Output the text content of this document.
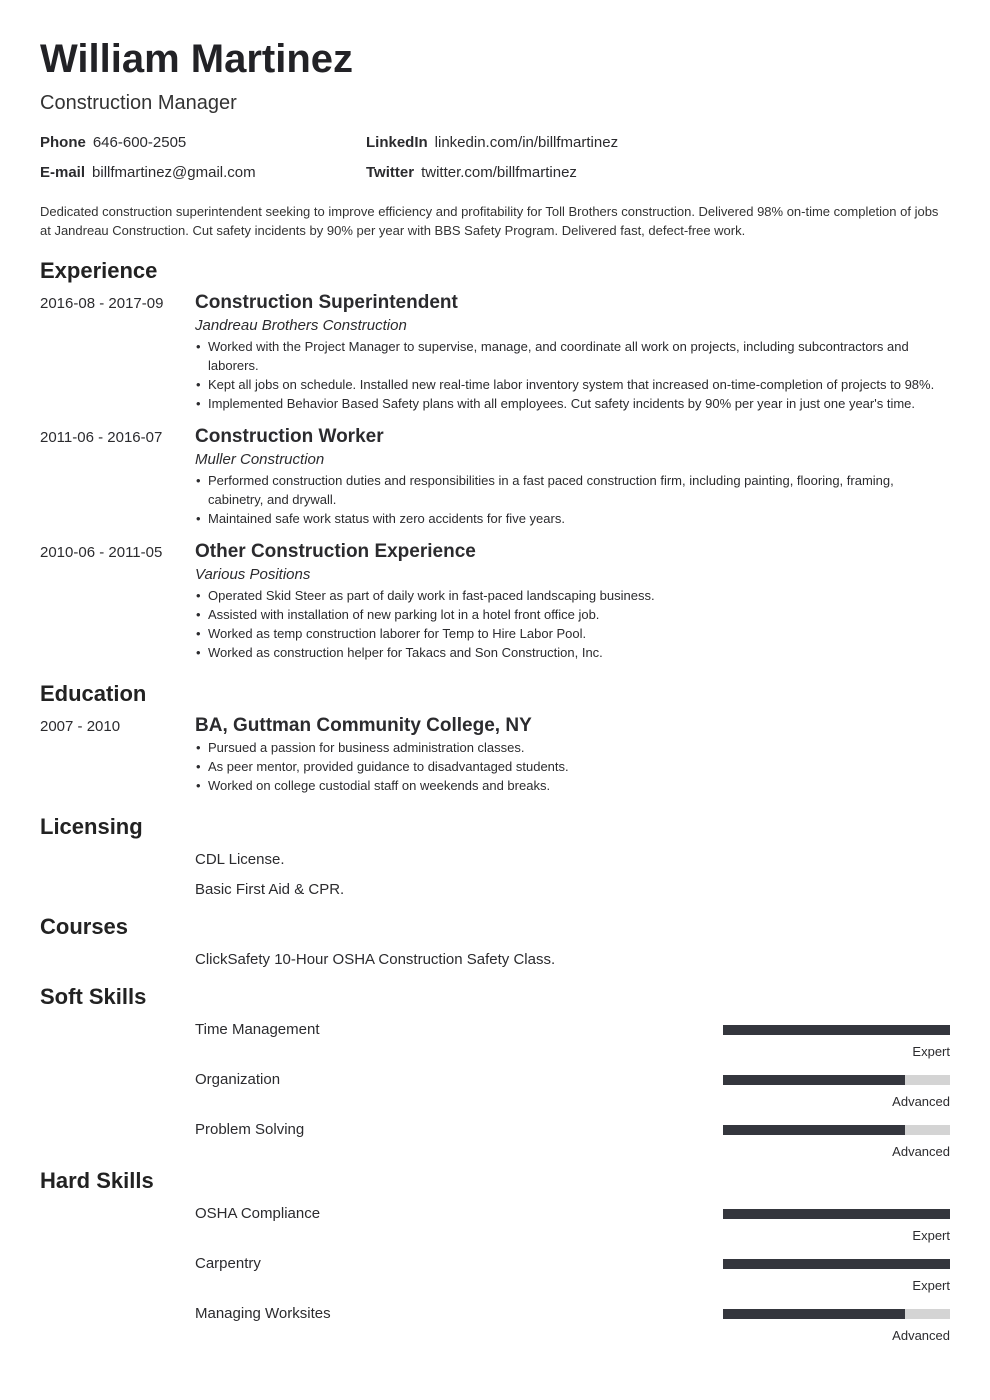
William Martinez
Construction Manager
Phone 646-600-2505	LinkedIn linkedin.com/in/billfmartinez
E-mail billfmartinez@gmail.com	Twitter twitter.com/billfmartinez

Dedicated construction superintendent seeking to improve efficiency and profitability for Toll Brothers construction. Delivered 98% on-time completion of jobs at Jandreau Construction. Cut safety incidents by 90% per year with BBS Safety Program. Delivered fast, defect-free work.

Experience
2016-08 - 2017-09	Construction Superintendent
Jandreau Brothers Construction
• Worked with the Project Manager to supervise, manage, and coordinate all work on projects, including subcontractors and laborers.
• Kept all jobs on schedule. Installed new real-time labor inventory system that increased on-time-completion of projects to 98%.
• Implemented Behavior Based Safety plans with all employees. Cut safety incidents by 90% per year in just one year's time.
2011-06 - 2016-07	Construction Worker
Muller Construction
• Performed construction duties and responsibilities in a fast paced construction firm, including painting, flooring, framing, cabinetry, and drywall.
• Maintained safe work status with zero accidents for five years.
2010-06 - 2011-05	Other Construction Experience
Various Positions
• Operated Skid Steer as part of daily work in fast-paced landscaping business.
• Assisted with installation of new parking lot in a hotel front office job.
• Worked as temp construction laborer for Temp to Hire Labor Pool.
• Worked as construction helper for Takacs and Son Construction, Inc.
Education
2007 - 2010	BA, Guttman Community College, NY
• Pursued a passion for business administration classes.
• As peer mentor, provided guidance to disadvantaged students.
• Worked on college custodial staff on weekends and breaks.
Licensing
CDL License.
Basic First Aid & CPR.
Courses
ClickSafety 10-Hour OSHA Construction Safety Class.
Soft Skills
Time Management
Expert
Organization
Advanced
Problem Solving
Advanced
Hard Skills
OSHA Compliance
Expert
Carpentry
Expert
Managing Worksites
Advanced
